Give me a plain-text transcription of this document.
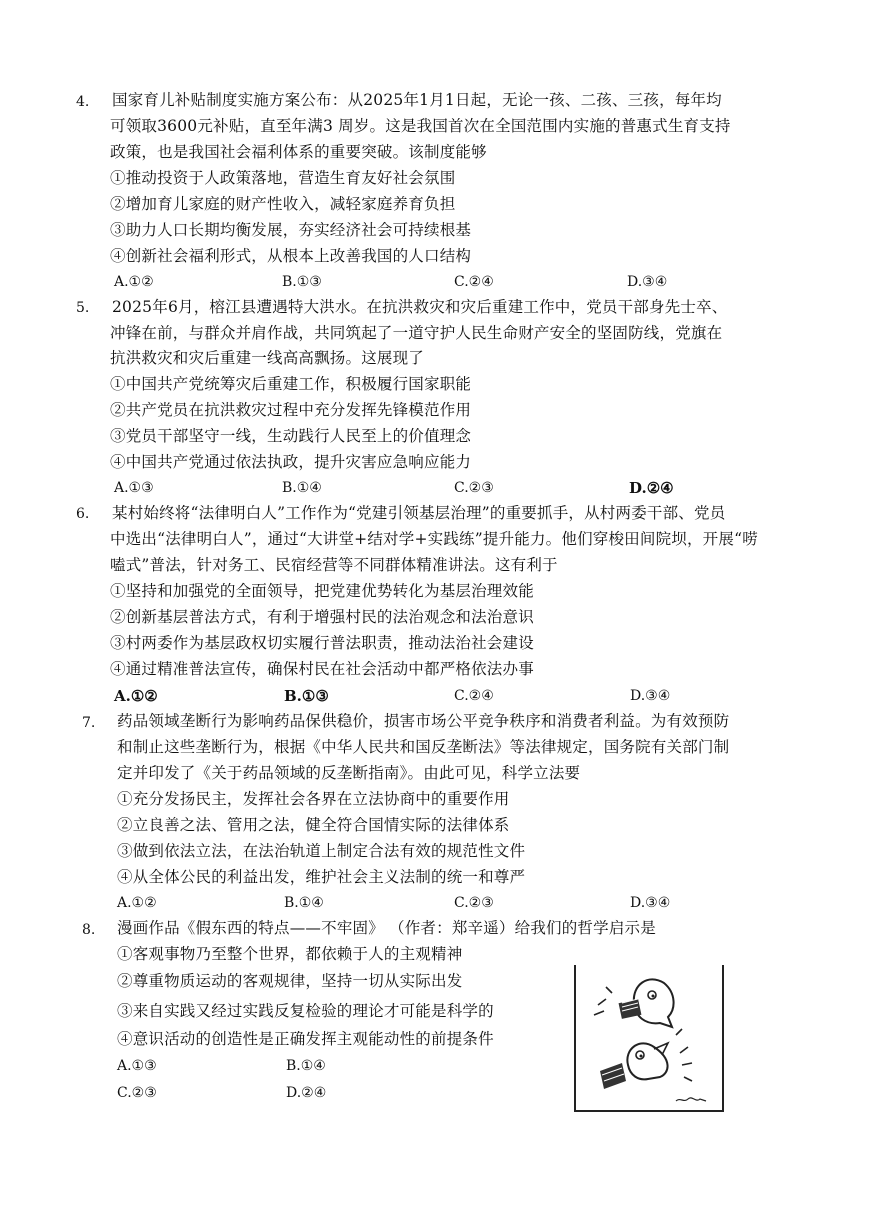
4. 国家育儿补贴制度实施方案公布：从2025年1月1日起，无论一孩、二孩、三孩，每年均
可领取3600元补贴，直至年满3 周岁。这是我国首次在全国范围内实施的普惠式生育支持
政策，也是我国社会福利体系的重要突破。该制度能够
①推动投资于人政策落地，营造生育友好社会氛围
②增加育儿家庭的财产性收入，减轻家庭养育负担
③助力人口长期均衡发展，夯实经济社会可持续根基
④创新社会福利形式，从根本上改善我国的人口结构
A.①②	B.①③	C.②④	D.③④
5. 2025年6月，榕江县遭遇特大洪水。在抗洪救灾和灾后重建工作中，党员干部身先士卒、
冲锋在前，与群众并肩作战，共同筑起了一道守护人民生命财产安全的坚固防线，党旗在
抗洪救灾和灾后重建一线高高飘扬。这展现了
①中国共产党统筹灾后重建工作，积极履行国家职能
②共产党员在抗洪救灾过程中充分发挥先锋模范作用
③党员干部坚守一线，生动践行人民至上的价值理念
④中国共产党通过依法执政，提升灾害应急响应能力
A.①③	B.①④	C.②③	D.②④
6. 某村始终将“法律明白人”工作作为“党建引领基层治理”的重要抓手，从村两委干部、党员
中选出“法律明白人”，通过“大讲堂+结对学+实践练”提升能力。他们穿梭田间院坝，开展“唠
嗑式”普法，针对务工、民宿经营等不同群体精准讲法。这有利于
①坚持和加强党的全面领导，把党建优势转化为基层治理效能
②创新基层普法方式，有利于增强村民的法治观念和法治意识
③村两委作为基层政权切实履行普法职责，推动法治社会建设
④通过精准普法宣传，确保村民在社会活动中都严格依法办事
A.①②	B.①③	C.②④	D.③④
7. 药品领域垄断行为影响药品保供稳价，损害市场公平竞争秩序和消费者利益。为有效预防
和制止这些垄断行为，根据《中华人民共和国反垄断法》等法律规定，国务院有关部门制
定并印发了《关于药品领域的反垄断指南》。由此可见，科学立法要
①充分发扬民主，发挥社会各界在立法协商中的重要作用
②立良善之法、管用之法，健全符合国情实际的法律体系
③做到依法立法，在法治轨道上制定合法有效的规范性文件
④从全体公民的利益出发，维护社会主义法制的统一和尊严
A.①②	B.①④	C.②③	D.③④
8. 漫画作品《假东西的特点——不牢固》 （作者：郑辛遥）给我们的哲学启示是
①客观事物乃至整个世界，都依赖于人的主观精神
②尊重物质运动的客观规律，坚持一切从实际出发
③来自实践又经过实践反复检验的理论才可能是科学的
④意识活动的创造性是正确发挥主观能动性的前提条件
A.①③	B.①④
C.②③	D.②④
